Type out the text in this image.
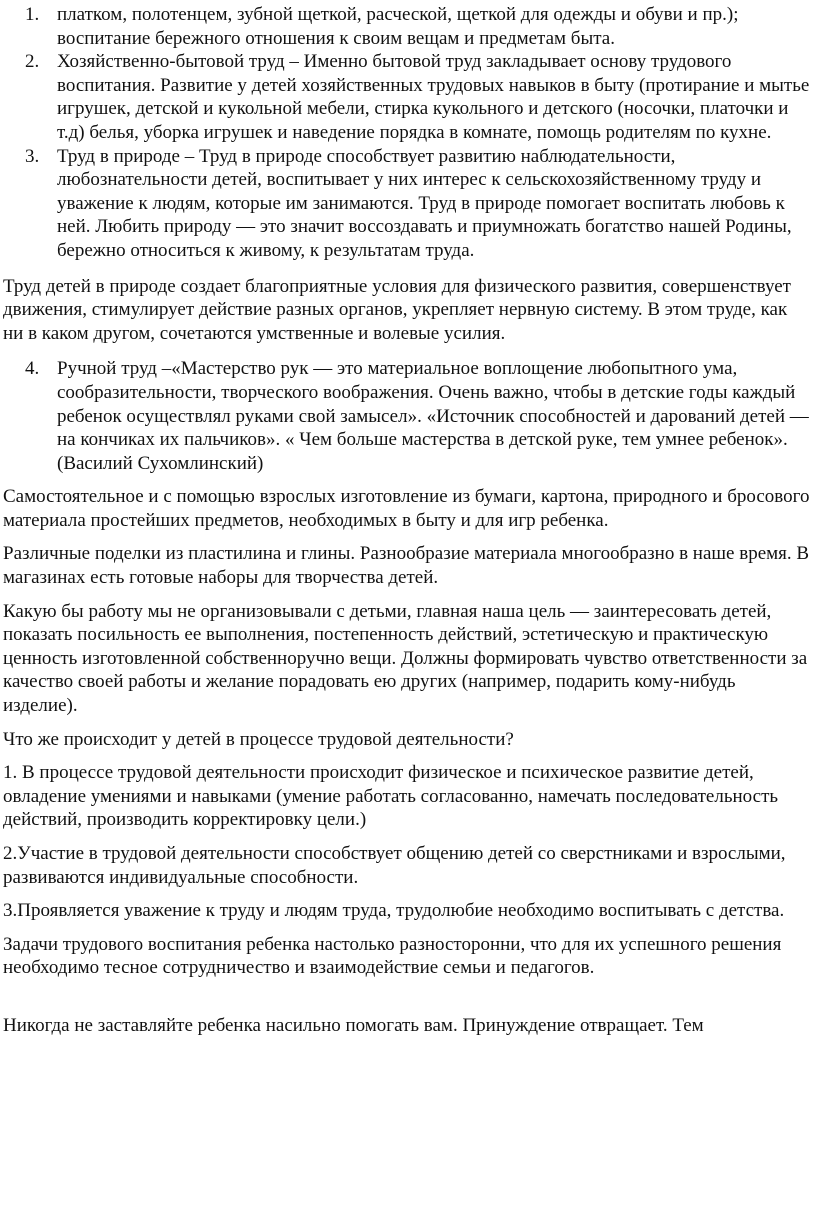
1. платком, полотенцем, зубной щеткой, расческой, щеткой для одежды и обуви и пр.); воспитание бережного отношения к своим вещам и предметам быта.
2. Хозяйственно-бытовой труд – Именно бытовой труд закладывает основу трудового воспитания. Развитие у детей хозяйственных трудовых навыков в быту (протирание и мытье игрушек, детской и кукольной мебели, стирка кукольного и детского (носочки, платочки и т.д) белья, уборка игрушек и наведение порядка в комнате, помощь родителям по кухне.
3. Труд в природе – Труд в природе способствует развитию наблюдательности, любознательности детей, воспитывает у них интерес к сельскохозяйственному труду и уважение к людям, которые им занимаются. Труд в природе помогает воспитать любовь к ней. Любить природу — это значит воссоздавать и приумножать богатство нашей Родины, бережно относиться к живому, к результатам труда.

Труд детей в природе создает благоприятные условия для физического развития, совершенствует движения, стимулирует действие разных органов, укрепляет нервную систему. В этом труде, как ни в каком другом, сочетаются умственные и волевые усилия.

4. Ручной труд –«Мастерство рук — это материальное воплощение любопытного ума, сообразительности, творческого воображения. Очень важно, чтобы в детские годы каждый ребенок осуществлял руками свой замысел». «Источник способностей и дарований детей — на кончиках их пальчиков». « Чем больше мастерства в детской руке, тем умнее ребенок». (Василий Сухомлинский)

Самостоятельное и с помощью взрослых изготовление из бумаги, картона, природного и бросового материала простейших предметов, необходимых в быту и для игр ребенка.

Различные поделки из пластилина и глины. Разнообразие материала многообразно в наше время. В магазинах есть готовые наборы для творчества детей.

Какую бы работу мы не организовывали с детьми, главная наша цель — заинтересовать детей, показать посильность ее выполнения, постепенность действий, эстетическую и практическую ценность изготовленной собственноручно вещи. Должны формировать чувство ответственности за качество своей работы и желание порадовать ею других (например, подарить кому-нибудь изделие).

Что же происходит у детей в процессе трудовой деятельности?

1. В процессе трудовой деятельности происходит физическое и психическое развитие детей, овладение умениями и навыками (умение работать согласованно, намечать последовательность действий, производить корректировку цели.)

2.Участие в трудовой деятельности способствует общению детей со сверстниками и взрослыми, развиваются индивидуальные способности.

3.Проявляется уважение к труду и людям труда, трудолюбие необходимо воспитывать с детства.

Задачи трудового воспитания ребенка настолько разносторонни, что для их успешного решения необходимо тесное сотрудничество и взаимодействие семьи и педагогов.

Никогда не заставляйте ребенка насильно помогать вам. Принуждение отвращает. Тем
